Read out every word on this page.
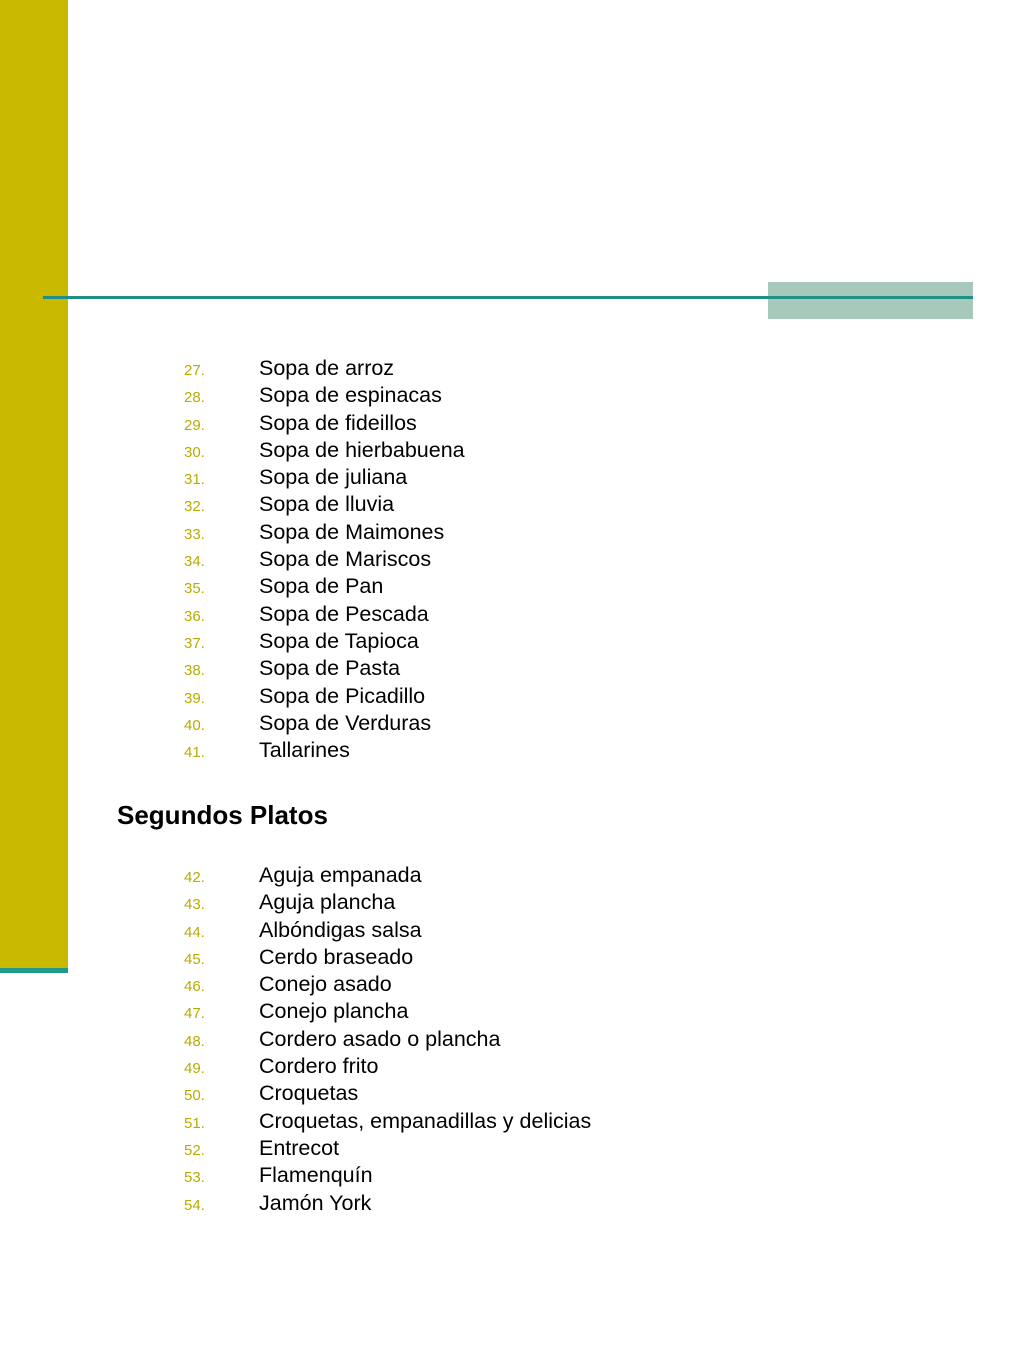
27.	Sopa de arroz
28.	Sopa de espinacas
29.	Sopa de fideillos
30.	Sopa de hierbabuena
31.	Sopa de juliana
32.	Sopa de lluvia
33.	Sopa de Maimones
34.	Sopa de Mariscos
35.	Sopa de Pan
36.	Sopa de Pescada
37.	Sopa de Tapioca
38.	Sopa de Pasta
39.	Sopa de Picadillo
40.	Sopa de Verduras
41.	Tallarines
Segundos Platos
42.	Aguja empanada
43.	Aguja plancha
44.	Albóndigas salsa
45.	Cerdo braseado
46.	Conejo asado
47.	Conejo plancha
48.	Cordero asado o plancha
49.	Cordero frito
50.	Croquetas
51.	Croquetas, empanadillas y delicias
52.	Entrecot
53.	Flamenquín
54.	Jamón York
